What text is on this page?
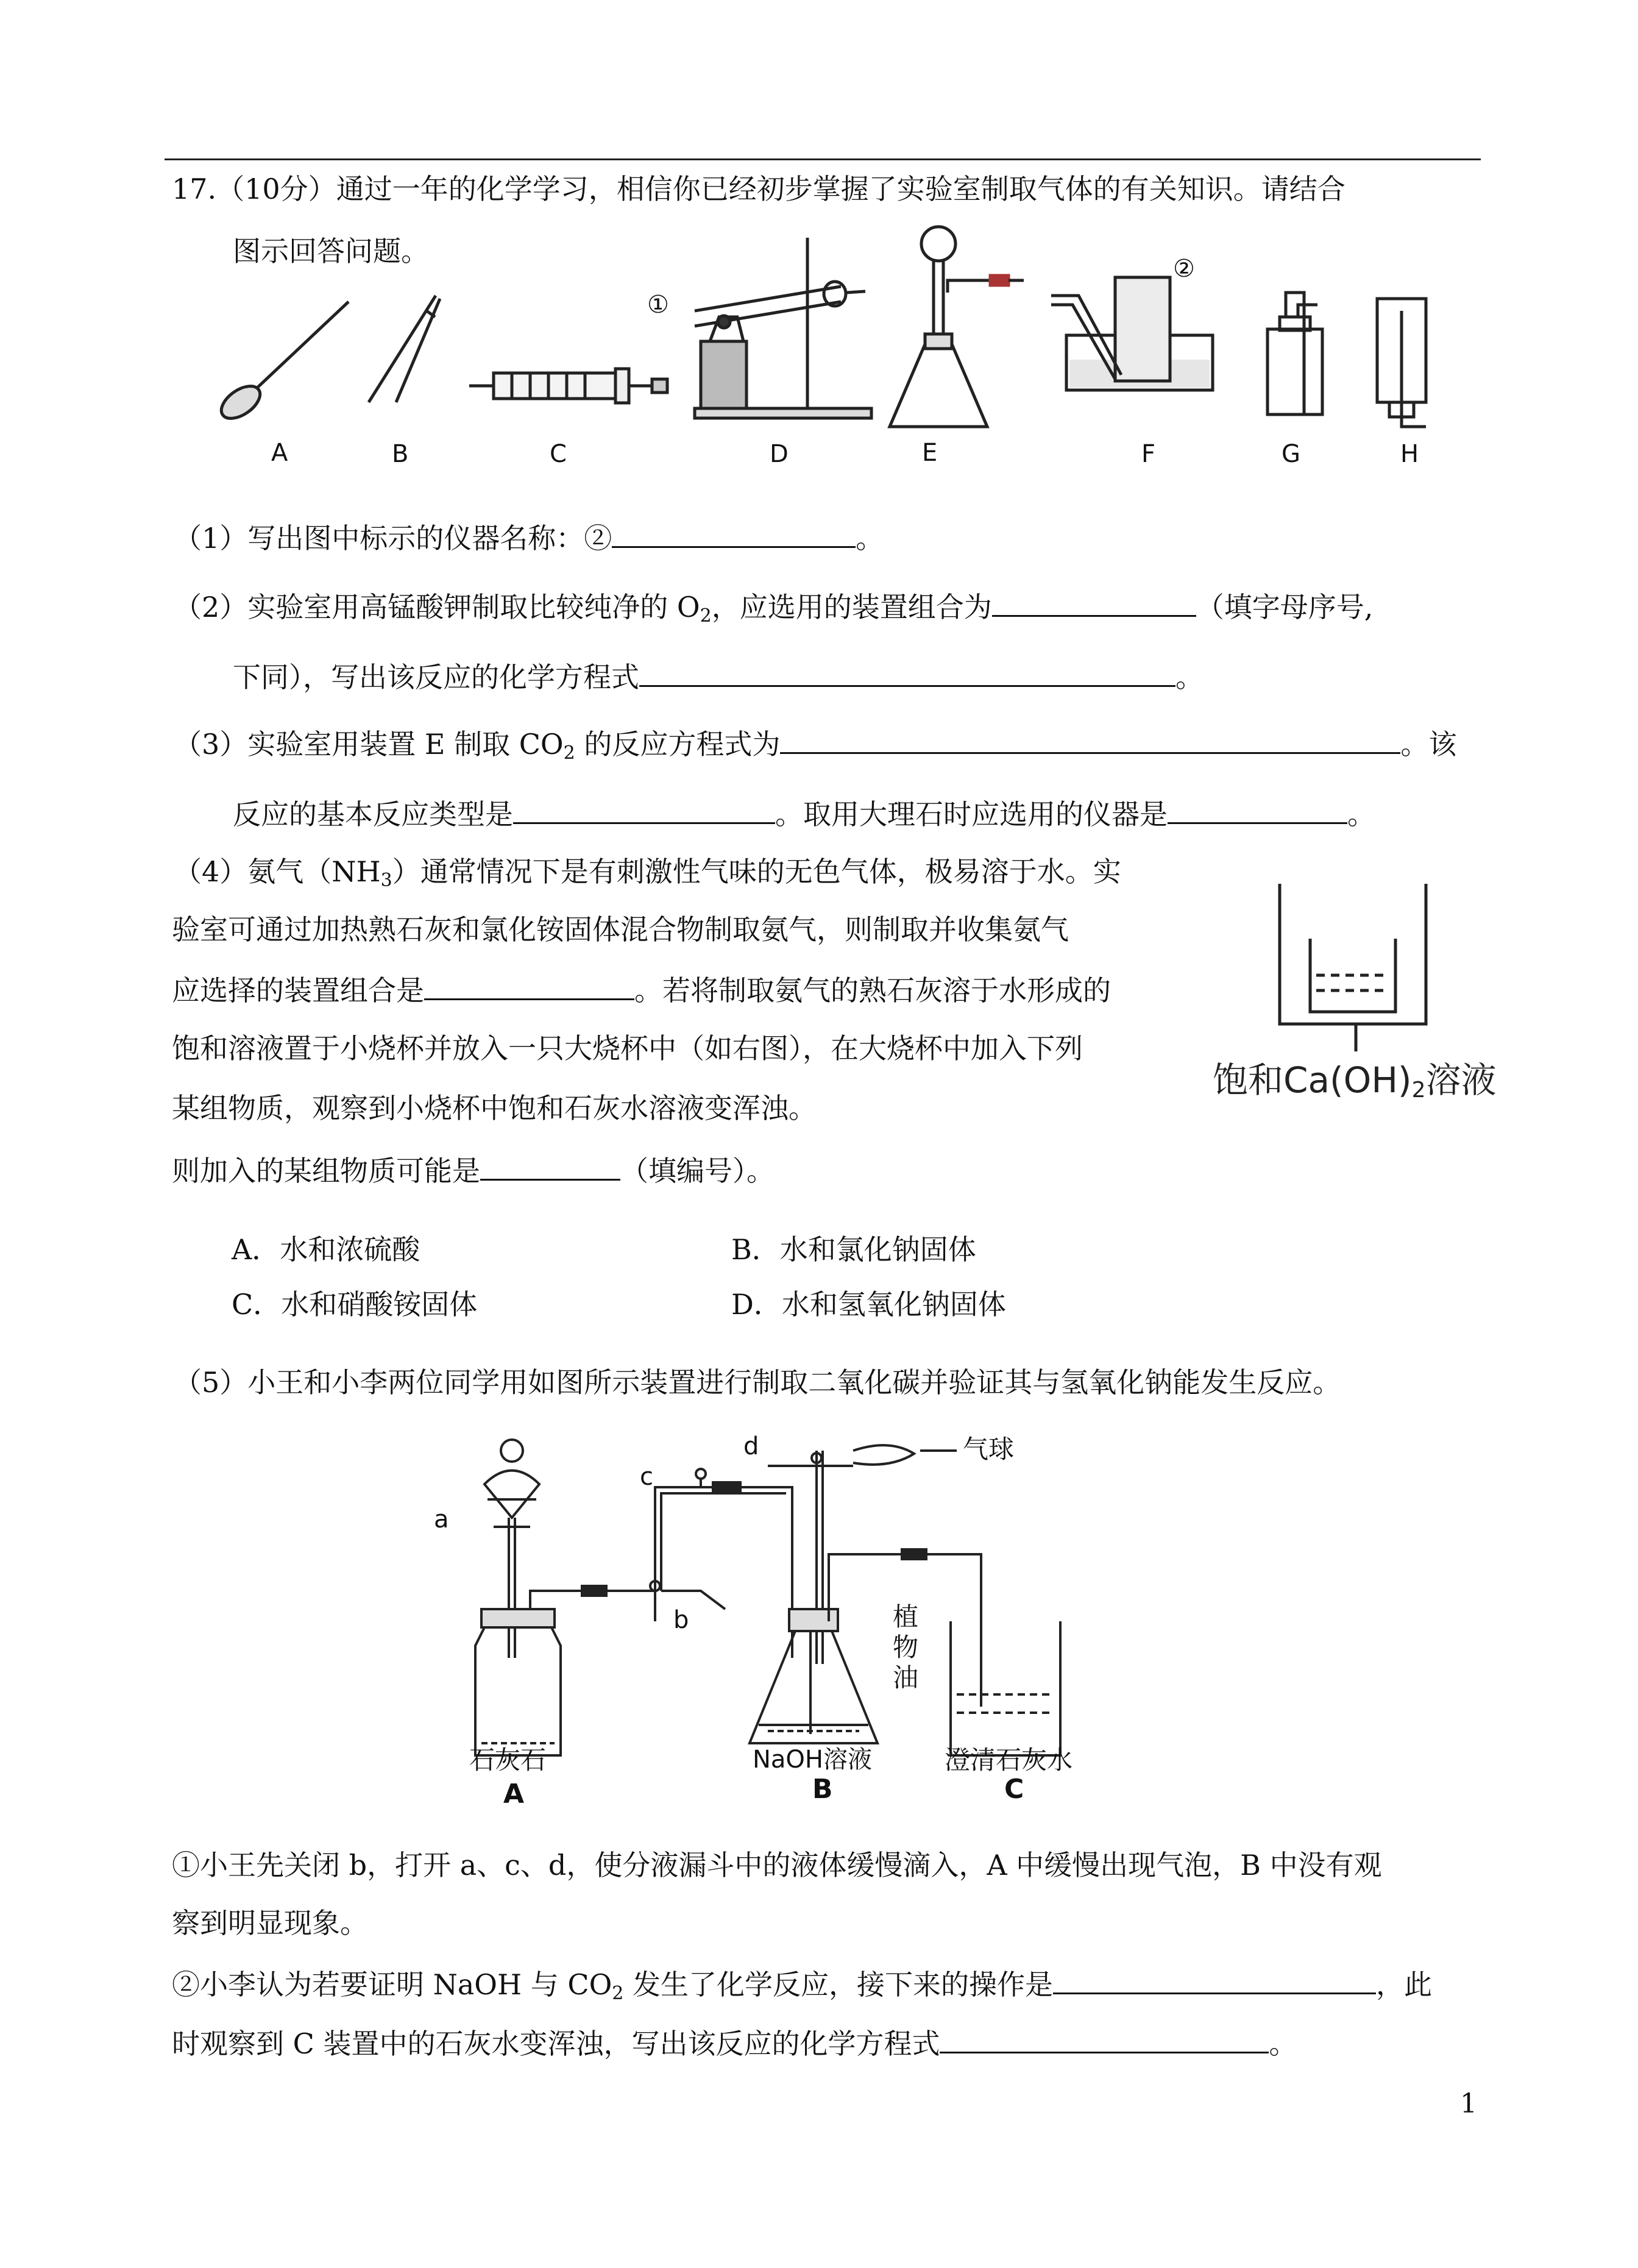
17.（10分）通过一年的化学学习，相信你已经初步掌握了实验室制取气体的有关知识。请结合
图示回答问题。
①
②
A	B	C	D	E	F	G	H
（1）写出图中标示的仪器名称：②	。
（2）实验室用高锰酸钾制取比较纯净的 $O_2$，应选用的装置组合为	（填字母序号,
下同），写出该反应的化学方程式	。
（3）实验室用装置 E 制取 $CO_2$ 的反应方程式为	。该
反应的基本反应类型是	。取用大理石时应选用的仪器是	。
（4）氨气$(NH_3)$通常情况下是有刺激性气味的无色气体，极易溶于水。实
验室可通过加热熟石灰和氯化铵固体混合物制取氨气，则制取并收集氨气
应选择的装置组合是	。若将制取氨气的熟石灰溶于水形成的
饱和溶液置于小烧杯并放入一只大烧杯中（如右图），在大烧杯中加入下列
某组物质，观察到小烧杯中饱和石灰水溶液变浑浊。
则加入的某组物质可能是	（填编号）。
饱和$Ca(OH)_2$溶液
A．水和浓硫酸	B．水和氯化钠固体
C．水和硝酸铵固体	D．水和氢氧化钠固体
（5）小王和小李两位同学用如图所示装置进行制取二氧化碳并验证其与氢氧化钠能发生反应。
a
b
c
d	气球
植
物
油
石灰石	NaOH溶液	澄清石灰水
A	B	C
①小王先关闭 b，打开 a、c、d，使分液漏斗中的液体缓慢滴入，A 中缓慢出现气泡，B 中没有观
察到明显现象。
②小李认为若要证明 NaOH 与 $CO_2$ 发生了化学反应，接下来的操作是	，此
时观察到 C 装置中的石灰水变浑浊，写出该反应的化学方程式	。
1
